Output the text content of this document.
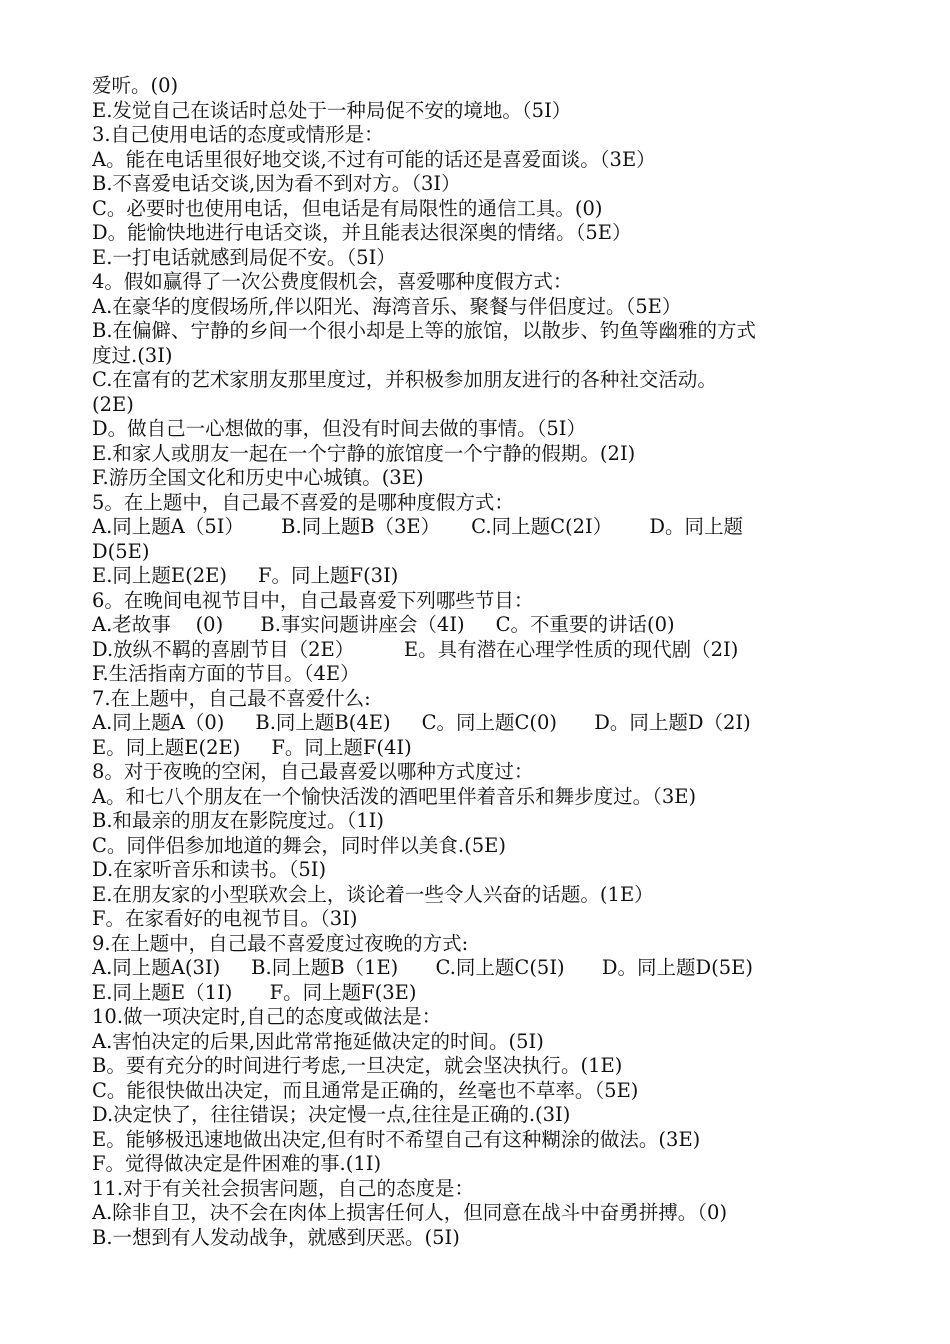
爱听。(0)
E.发觉自己在谈话时总处于一种局促不安的境地。（5I）
3.自己使用电话的态度或情形是：
A。能在电话里很好地交谈,不过有可能的话还是喜爱面谈。（3E）
B.不喜爱电话交谈,因为看不到对方。（3I）
C。必要时也使用电话，但电话是有局限性的通信工具。(0)
D。能愉快地进行电话交谈，并且能表达很深奥的情绪。（5E）
E.一打电话就感到局促不安。（5I）
4。假如赢得了一次公费度假机会，喜爱哪种度假方式：
A.在豪华的度假场所,伴以阳光、海湾音乐、聚餐与伴侣度过。（5E）
B.在偏僻、宁静的乡间一个很小却是上等的旅馆，以散步、钓鱼等幽雅的方式
度过.(3I)
C.在富有的艺术家朋友那里度过，并积极参加朋友进行的各种社交活动。
(2E)
D。做自己一心想做的事，但没有时间去做的事情。（5I）
E.和家人或朋友一起在一个宁静的旅馆度一个宁静的假期。(2I)
F.游历全国文化和历史中心城镇。(3E)
5。在上题中，自己最不喜爱的是哪种度假方式：
A.同上题A（5I）      B.同上题B（3E）     C.同上题C(2I）      D。同上题
D(5E)
E.同上题E(2E)     F。同上题F(3I)
6。在晚间电视节目中，自己最喜爱下列哪些节目：
A.老故事    (0)      B.事实问题讲座会（4I)     C。不重要的讲话(0)
D.放纵不羁的喜剧节目（2E）        E。具有潜在心理学性质的现代剧（2I)
F.生活指南方面的节目。（4E）
7.在上题中，自己最不喜爱什么:
A.同上题A（0)     B.同上题B(4E)     C。同上题C(0)      D。同上题D（2I)
E。同上题E(2E)     F。同上题F(4I)
8。对于夜晚的空闲，自己最喜爱以哪种方式度过：
A。和七八个朋友在一个愉快活泼的酒吧里伴着音乐和舞步度过。（3E)
B.和最亲的朋友在影院度过。（1I)
C。同伴侣参加地道的舞会，同时伴以美食.(5E)
D.在家听音乐和读书。（5I)
E.在朋友家的小型联欢会上，谈论着一些令人兴奋的话题。(1E）
F。在家看好的电视节目。（3I)
9.在上题中，自己最不喜爱度过夜晚的方式:
A.同上题A(3I)     B.同上题B（1E)      C.同上题C(5I)      D。同上题D(5E)
E.同上题E（1I)      F。同上题F(3E)
10.做一项决定时,自己的态度或做法是：
A.害怕决定的后果,因此常常拖延做决定的时间。(5I)
B。要有充分的时间进行考虑,一旦决定，就会坚决执行。(1E)
C。能很快做出决定，而且通常是正确的，丝毫也不草率。（5E)
D.决定快了，往往错误；决定慢一点,往往是正确的.(3I)
E。能够极迅速地做出决定,但有时不希望自己有这种糊涂的做法。(3E)
F。觉得做决定是件困难的事.(1I)
11.对于有关社会损害问题，自己的态度是：
A.除非自卫，决不会在肉体上损害任何人，但同意在战斗中奋勇拼搏。（0)
B.一想到有人发动战争，就感到厌恶。(5I)
